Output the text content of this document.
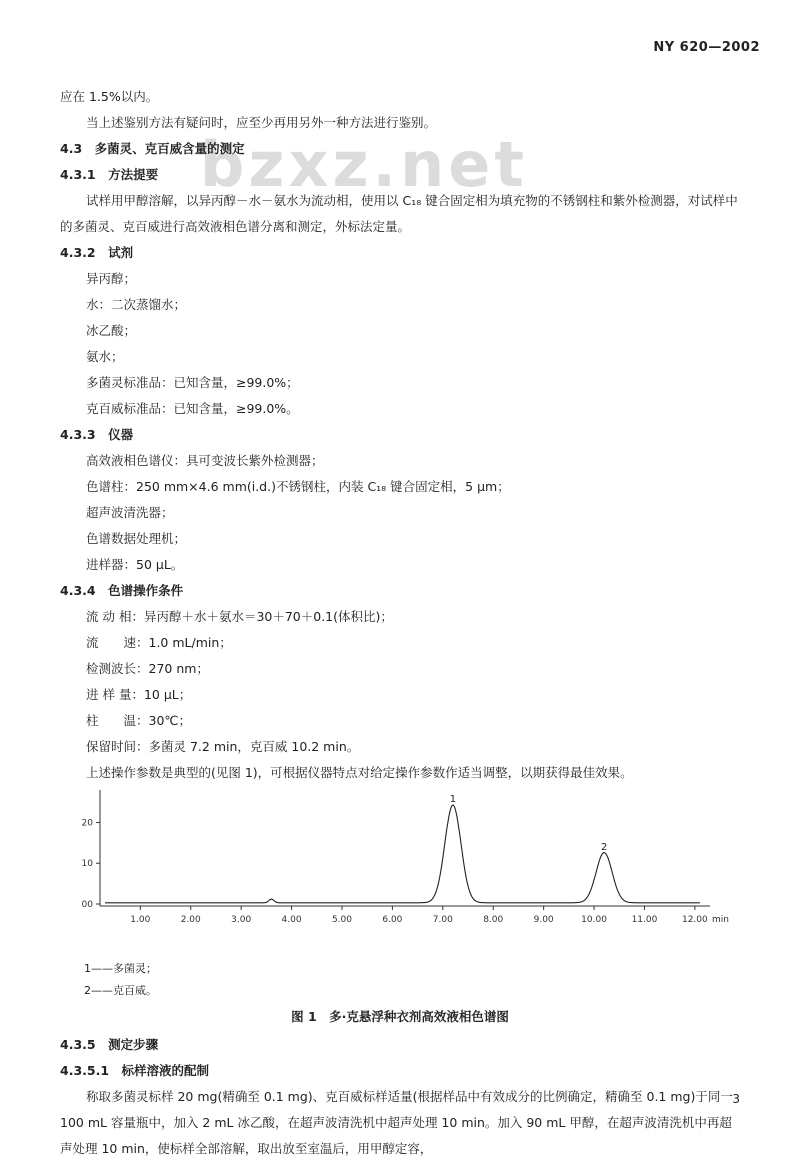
NY 620—2002
bzxz.net
应在 1.5%以内。
当上述鉴别方法有疑问时，应至少再用另外一种方法进行鉴别。
4.3　多菌灵、克百威含量的测定
4.3.1　方法提要
试样用甲醇溶解，以异丙醇－水－氨水为流动相，使用以 C₁₈ 键合固定相为填充物的不锈钢柱和紫外检测器，对试样中的多菌灵、克百威进行高效液相色谱分离和测定，外标法定量。
4.3.2　试剂
异丙醇；
水：二次蒸馏水；
冰乙酸；
氨水；
多菌灵标准品：已知含量，≥99.0%；
克百威标准品：已知含量，≥99.0%。
4.3.3　仪器
高效液相色谱仪：具可变波长紫外检测器；
色谱柱：250 mm×4.6 mm(i.d.)不锈钢柱，内装 C₁₈ 键合固定相，5 μm；
超声波清洗器；
色谱数据处理机；
进样器：50 μL。
4.3.4　色谱操作条件
流 动 相：异丙醇＋水＋氨水＝30＋70＋0.1(体积比)；
流　　速：1.0 mL/min；
检测波长：270 nm；
进 样 量：10 μL；
柱　　温：30℃；
保留时间：多菌灵 7.2 min，克百威 10.2 min。
上述操作参数是典型的(见图 1)，可根据仪器特点对给定操作参数作适当调整，以期获得最佳效果。
00
10
20
1.00	2.00	3.00	4.00	5.00	6.00	7.00	8.00	9.00	10.00	11.00	12.00 min
1
2
1——多菌灵；
2——克百威。
图 1　多·克悬浮种衣剂高效液相色谱图
4.3.5　测定步骤
4.3.5.1　标样溶液的配制
称取多菌灵标样 20 mg(精确至 0.1 mg)、克百威标样适量(根据样品中有效成分的比例确定，精确至 0.1 mg)于同一 100 mL 容量瓶中，加入 2 mL 冰乙酸，在超声波清洗机中超声处理 10 min。加入 90 mL 甲醇，在超声波清洗机中再超声处理 10 min，使标样全部溶解，取出放至室温后，用甲醇定容，
3
